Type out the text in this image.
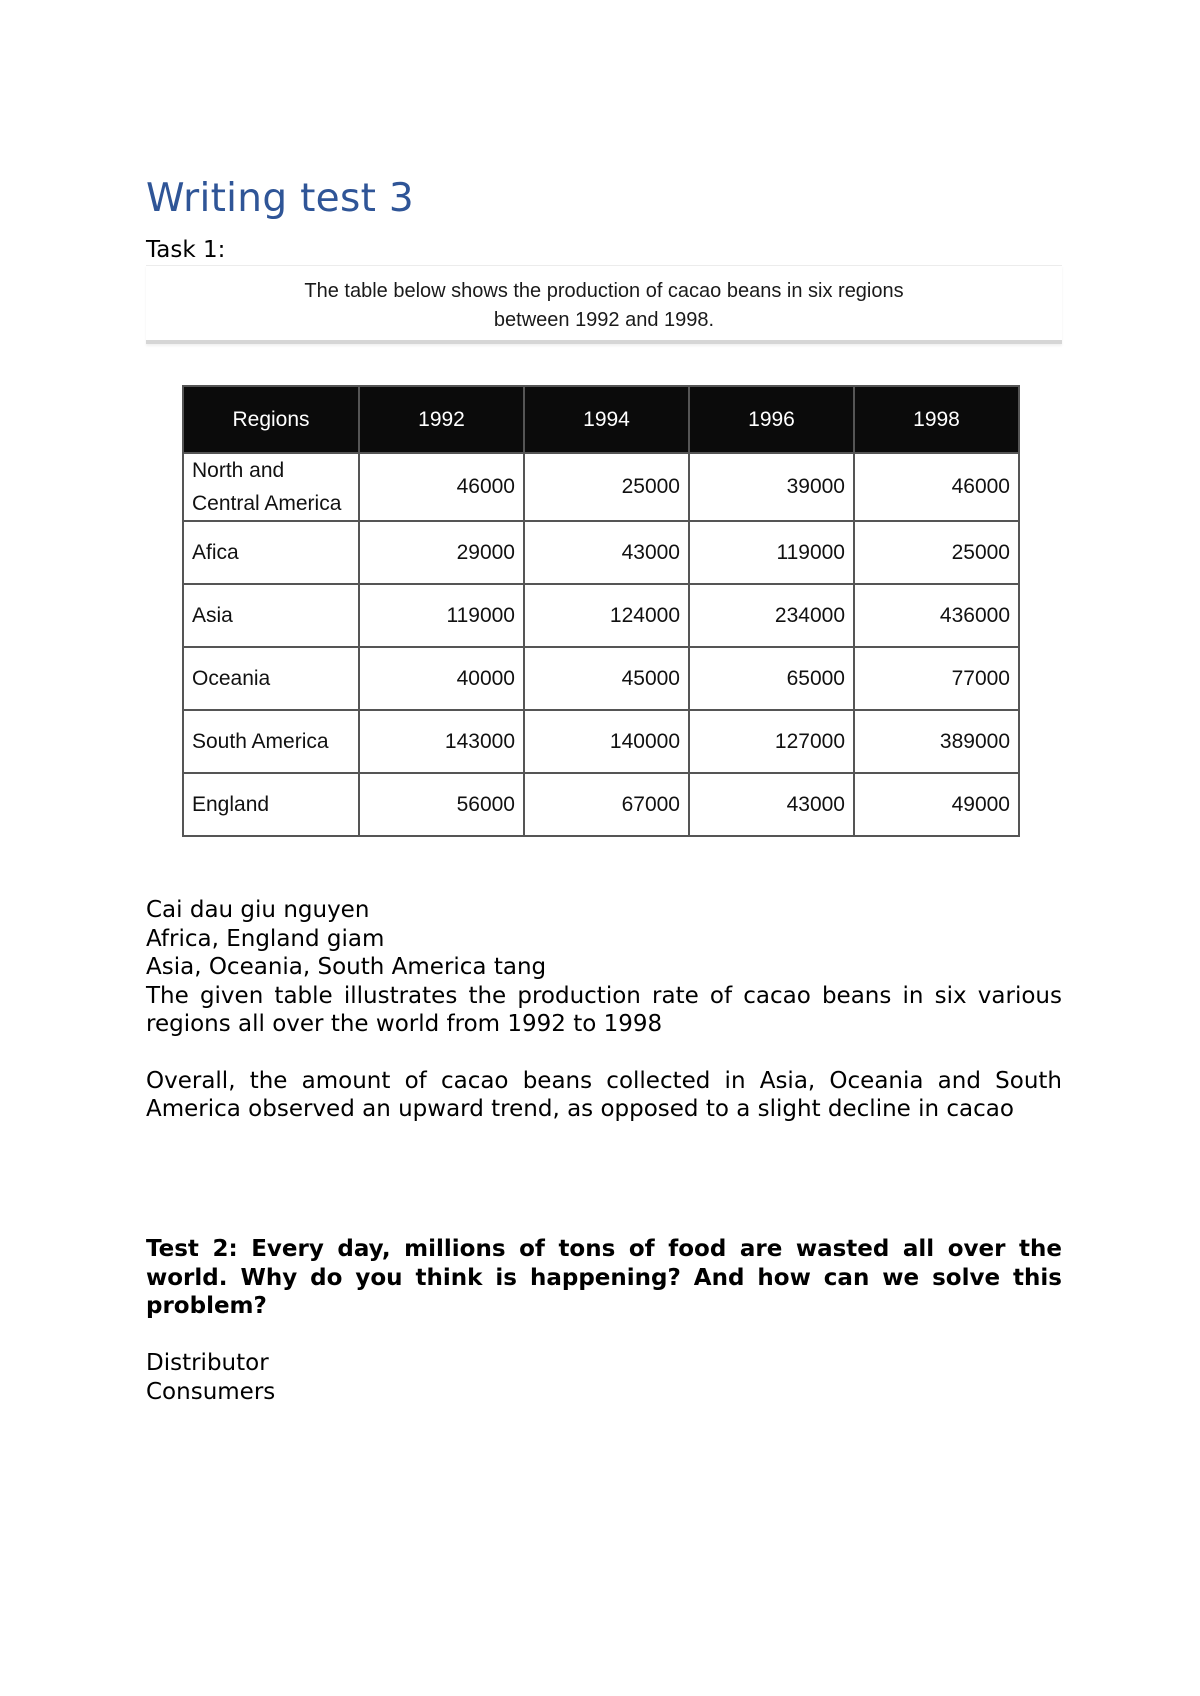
Writing test 3
Task 1:
The table below shows the production of cacao beans in six regions
between 1992 and 1998.
Regions	1992	1994	1996	1998
North and
Central America	46000	25000	39000	46000
Afica	29000	43000	119000	25000
Asia	119000	124000	234000	436000
Oceania	40000	45000	65000	77000
South America	143000	140000	127000	389000
England	56000	67000	43000	49000

Cai dau giu nguyen

Africa, England giam

Asia, Oceania, South America tang

The given table illustrates the production rate of cacao beans in six various regions all over the world from 1992 to 1998

Overall, the amount of cacao beans collected in Asia, Oceania and South America observed an upward trend, as opposed to a slight decline in cacao

Test 2: Every day, millions of tons of food are wasted all over the world. Why do you think is happening? And how can we solve this problem?

Distributor

Consumers
